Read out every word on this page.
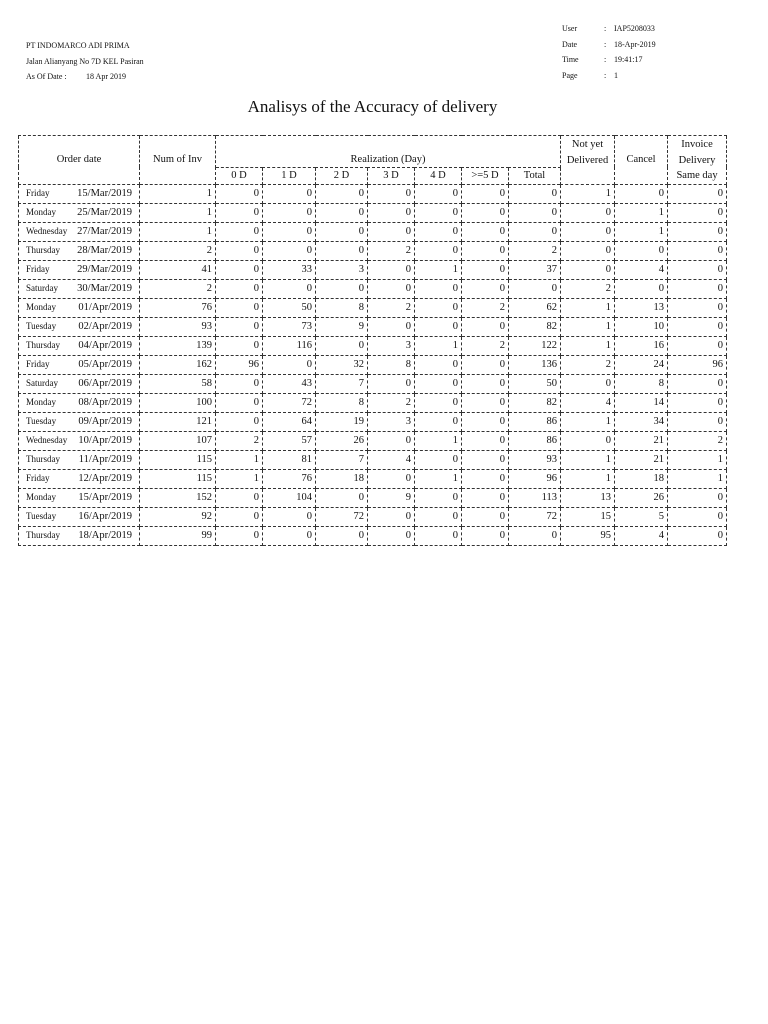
PT INDOMARCO ADI PRIMA
Jalan Alianyang No 7D KEL Pasiran
As Of Date :	18 Apr 2019
User	: IAP5208033
Date	: 18-Apr-2019
Time	: 19:41:17
Page	: 1
Analisys of the Accuracy of delivery
Order date	Num of Inv	Realization (Day)							Not yet Delivered	Cancel	Invoice Delivery Same day

		0 D	1 D	2 D	3 D	4 D	>=5 D	Total			
Friday 15/Mar/2019	1	0	0	0	0	0	0	0	1	0	0
Monday 25/Mar/2019	1	0	0	0	0	0	0	0	0	1	0
Wednesday 27/Mar/2019	1	0	0	0	0	0	0	0	0	1	0
Thursday 28/Mar/2019	2	0	0	0	2	0	0	2	0	0	0
Friday 29/Mar/2019	41	0	33	3	0	1	0	37	0	4	0
Saturday 30/Mar/2019	2	0	0	0	0	0	0	0	2	0	0
Monday 01/Apr/2019	76	0	50	8	2	0	2	62	1	13	0
Tuesday 02/Apr/2019	93	0	73	9	0	0	0	82	1	10	0
Thursday 04/Apr/2019	139	0	116	0	3	1	2	122	1	16	0
Friday 05/Apr/2019	162	96	0	32	8	0	0	136	2	24	96
Saturday 06/Apr/2019	58	0	43	7	0	0	0	50	0	8	0
Monday 08/Apr/2019	100	0	72	8	2	0	0	82	4	14	0
Tuesday 09/Apr/2019	121	0	64	19	3	0	0	86	1	34	0
Wednesday 10/Apr/2019	107	2	57	26	0	1	0	86	0	21	2
Thursday 11/Apr/2019	115	1	81	7	4	0	0	93	1	21	1
Friday 12/Apr/2019	115	1	76	18	0	1	0	96	1	18	1
Monday 15/Apr/2019	152	0	104	0	9	0	0	113	13	26	0
Tuesday 16/Apr/2019	92	0	0	72	0	0	0	72	15	5	0
Thursday 18/Apr/2019	99	0	0	0	0	0	0	0	95	4	0
